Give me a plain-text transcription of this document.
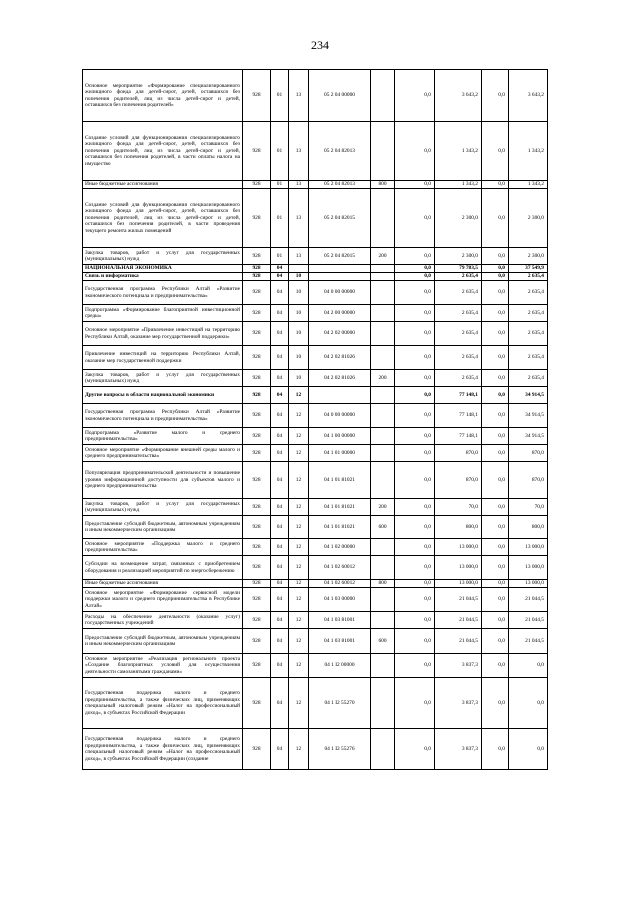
234
Основное мероприятие «Формирование специализированного жилищного фонда для детей-сирот, детей, оставшихся без попечения родителей, лиц из числа детей-сирот и детей, оставшихся без попечения родителей»	928	01	13	05 2 04 00000		0,0	3 643,2	0,0	3 643,2
Создание условий для функционирования специализированного жилищного фонда для детей-сирот, детей, оставшихся без попечения родителей, лиц из числа детей-сирот и детей, оставшихся без попечения родителей, в части оплаты налога на имущество	928	01	13	05 2 04 82013		0,0	1 343,2	0,0	1 343,2
Иные бюджетные ассигнования	928	01	13	05 2 04 82013	800	0,0	1 343,2	0,0	1 343,2
Создание условий для функционирования специализированного жилищного фонда для детей-сирот, детей, оставшихся без попечения родителей, лиц из числа детей-сирот и детей, оставшихся без попечения родителей, в части проведения текущего ремонта жилых помещений	928	01	13	05 2 04 82015		0,0	2 300,0	0,0	2 300,0
Закупка товаров, работ и услуг для государственных (муниципальных) нужд	928	01	13	05 2 04 82015	200	0,0	2 300,0	0,0	2 300,0
НАЦИОНАЛЬНАЯ ЭКОНОМИКА	928	04				0,0	79 783,5	0,0	37 549,9
Связь и информатика	928	04	10			0,0	2 635,4	0,0	2 635,4
Государственная программа Республики Алтай «Развитие экономического потенциала и предпринимательства»	928	04	10	04 0 00 00000		0,0	2 635,4	0,0	2 635,4
Подпрограмма «Формирование благоприятной инвестиционной среды»	928	04	10	04 2 00 00000		0,0	2 635,4	0,0	2 635,4
Основное мероприятие «Привлечение инвестиций на территорию Республики Алтай, оказание мер государственной поддержки»	928	04	10	04 2 02 00000		0,0	2 635,4	0,0	2 635,4
Привлечение инвестиций на территорию Республики Алтай, оказание мер государственной поддержки	928	04	10	04 2 02 81026		0,0	2 635,4	0,0	2 635,4
Закупка товаров, работ и услуг для государственных (муниципальных) нужд	928	04	10	04 2 02 81026	200	0,0	2 635,4	0,0	2 635,4
Другие вопросы в области национальной экономики	928	04	12			0,0	77 148,1	0,0	34 914,5
Государственная программа Республики Алтай «Развитие экономического потенциала и предпринимательства»	928	04	12	04 0 00 00000		0,0	77 148,1	0,0	34 914,5
Подпрограмма «Развитие малого и среднего предпринимательства»	928	04	12	04 1 00 00000		0,0	77 148,1	0,0	34 914,5
Основное мероприятие «Формирование внешней среды малого и среднего предпринимательства»	928	04	12	04 1 01 00000		0,0	870,0	0,0	870,0
Популяризация предпринимательской деятельности и повышение уровня информационной доступности для субъектов малого и среднего предпринимательства	928	04	12	04 1 01 81021		0,0	870,0	0,0	870,0
Закупка товаров, работ и услуг для государственных (муниципальных) нужд	928	04	12	04 1 01 81021	200	0,0	70,0	0,0	70,0
Предоставление субсидий бюджетным, автономным учреждениям и иным некоммерческим организациям	928	04	12	04 1 01 81021	600	0,0	800,0	0,0	800,0
Основное мероприятие «Поддержка малого и среднего предпринимательства»	928	04	12	04 1 02 00000		0,0	13 000,0	0,0	13 000,0
Субсидии на возмещение затрат, связанных с приобретением оборудования и реализацией мероприятий по энергосбережению	928	04	12	04 1 02 60012		0,0	13 000,0	0,0	13 000,0
Иные бюджетные ассигнования	928	04	12	04 1 02 60012	800	0,0	13 000,0	0,0	13 000,0
Основное мероприятие «Формирование сервисной модели поддержки малого и среднего предпринимательства в Республике Алтай»	928	04	12	04 1 03 00000		0,0	21 044,5	0,0	21 044,5
Расходы на обеспечение деятельности (оказание услуг) государственных учреждений	928	04	12	04 1 03 81001		0,0	21 044,5	0,0	21 044,5
Предоставление субсидий бюджетным, автономным учреждениям и иным некоммерческим организациям	928	04	12	04 1 03 81001	600	0,0	21 044,5	0,0	21 044,5
Основное мероприятие «Реализация регионального проекта «Создание благоприятных условий для осуществления деятельности самозанятыми гражданами»	928	04	12	04 1 I2 00000		0,0	3 837,3	0,0	0,0
Государственная поддержка малого и среднего предпринимательства, а также физических лиц, применяющих специальный налоговый режим «Налог на профессиональный доход», в субъектах Российской Федерации	928	04	12	04 1 I2 55270		0,0	3 837,3	0,0	0,0
Государственная поддержка малого и среднего предпринимательства, а также физических лиц, применяющих специальный налоговый режим «Налог на профессиональный доход», в субъектах Российской Федерации (создание	928	04	12	04 1 I2 55276		0,0	3 837,3	0,0	0,0
